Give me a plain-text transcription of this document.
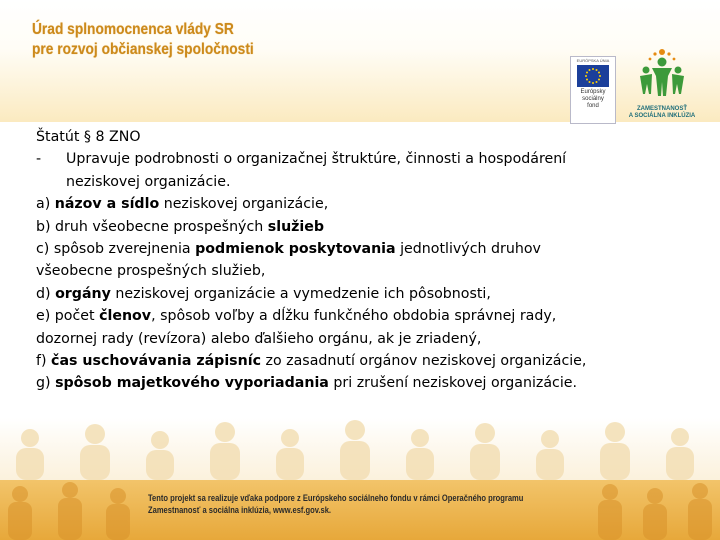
Úrad splnomocnenca vlády SR
pre rozvoj občianskej spoločnosti
EURÓPSKA ÚNIA
Európsky
sociálny
fond	ZAMESTNANOSŤ
A SOCIÁLNA INKLÚZIA
Štatút § 8 ZNO
- Upravuje podrobnosti o organizačnej štruktúre, činnosti a hospodárení
neziskovej organizácie.
a) názov a sídlo neziskovej organizácie,
b) druh všeobecne prospešných služieb
c) spôsob zverejnenia podmienok poskytovania jednotlivých druhov
všeobecne prospešných služieb,
d) orgány neziskovej organizácie a vymedzenie ich pôsobnosti,
e) počet členov, spôsob voľby a dĺžku funkčného obdobia správnej rady,
dozornej rady (revízora) alebo ďalšieho orgánu, ak je zriadený,
f) čas uschovávania zápisníc zo zasadnutí orgánov neziskovej organizácie,
g) spôsob majetkového vyporiadania pri zrušení neziskovej organizácie.
Tento projekt sa realizuje vďaka podpore z Európskeho sociálneho fondu v rámci Operačného programu
Zamestnanosť a sociálna inklúzia, www.esf.gov.sk.
